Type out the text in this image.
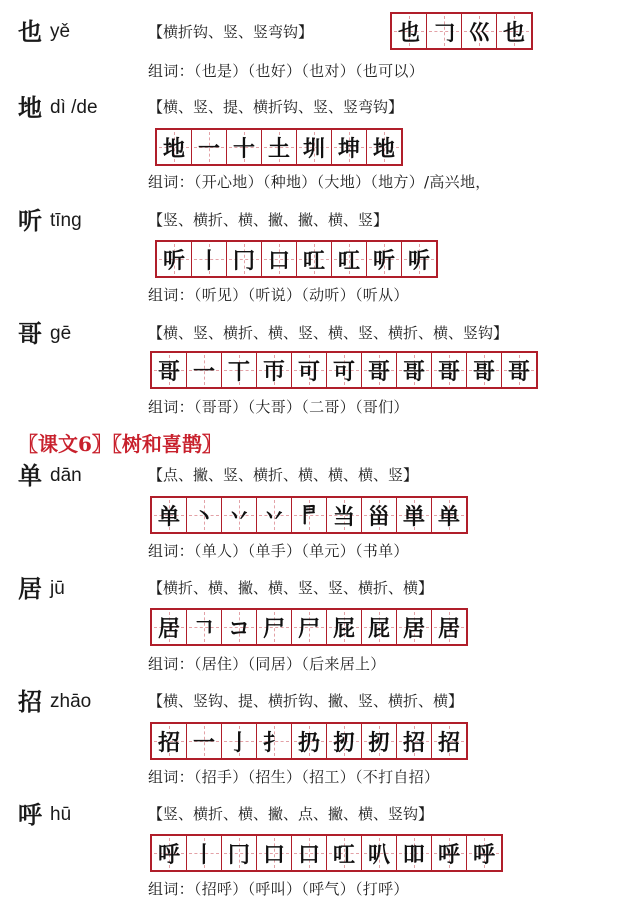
也 yě	【横折钩、竖、竖弯钩】	也 𠃌 ⼮ 也
组词：（也是）（也好）（也对）（也可以）
地 dì /de	【横、竖、提、横折钩、竖、竖弯钩】
地 一 十 土 圳 坤 地
组词：（开心地）（种地）（大地）（地方）/高兴地，
听 tīng	【竖、横折、横、撇、撇、横、竖】
听 丨 冂 口 叿 叿 听 听
组词：（听见）（听说）（动听）（听从）
哥 gē	【横、竖、横折、横、竖、横、竖、横折、横、竖钩】
哥 一 丅 帀 可 可 哥 哥 哥 哥 哥
组词：（哥哥）（大哥）（二哥）（哥们）
〖课文6〗〖树和喜鹊〗
单 dān	【点、撇、竖、横折、横、横、横、竖】
单 丶 丷 丷 𠁣 当 甾 単 单
组词：（单人）（单手）（单元）（书单）
居 jū	【横折、横、撇、横、竖、竖、横折、横】
居 𠃍 コ 尸 尸 屁 屁 居 居
组词：（居住）（同居）（后来居上）
招 zhāo	【横、竖钩、提、横折钩、撇、竖、横折、横】
招 一 亅 扌 扔 扨 扨 招 招
组词：（招手）（招生）（招工）（不打自招）
呼 hū	【竖、横折、横、撇、点、撇、横、竖钩】
呼 丨 冂 口 口 叿 叭 吅 呼 呼
组词：（招呼）（呼叫）（呼气）（打呼）
